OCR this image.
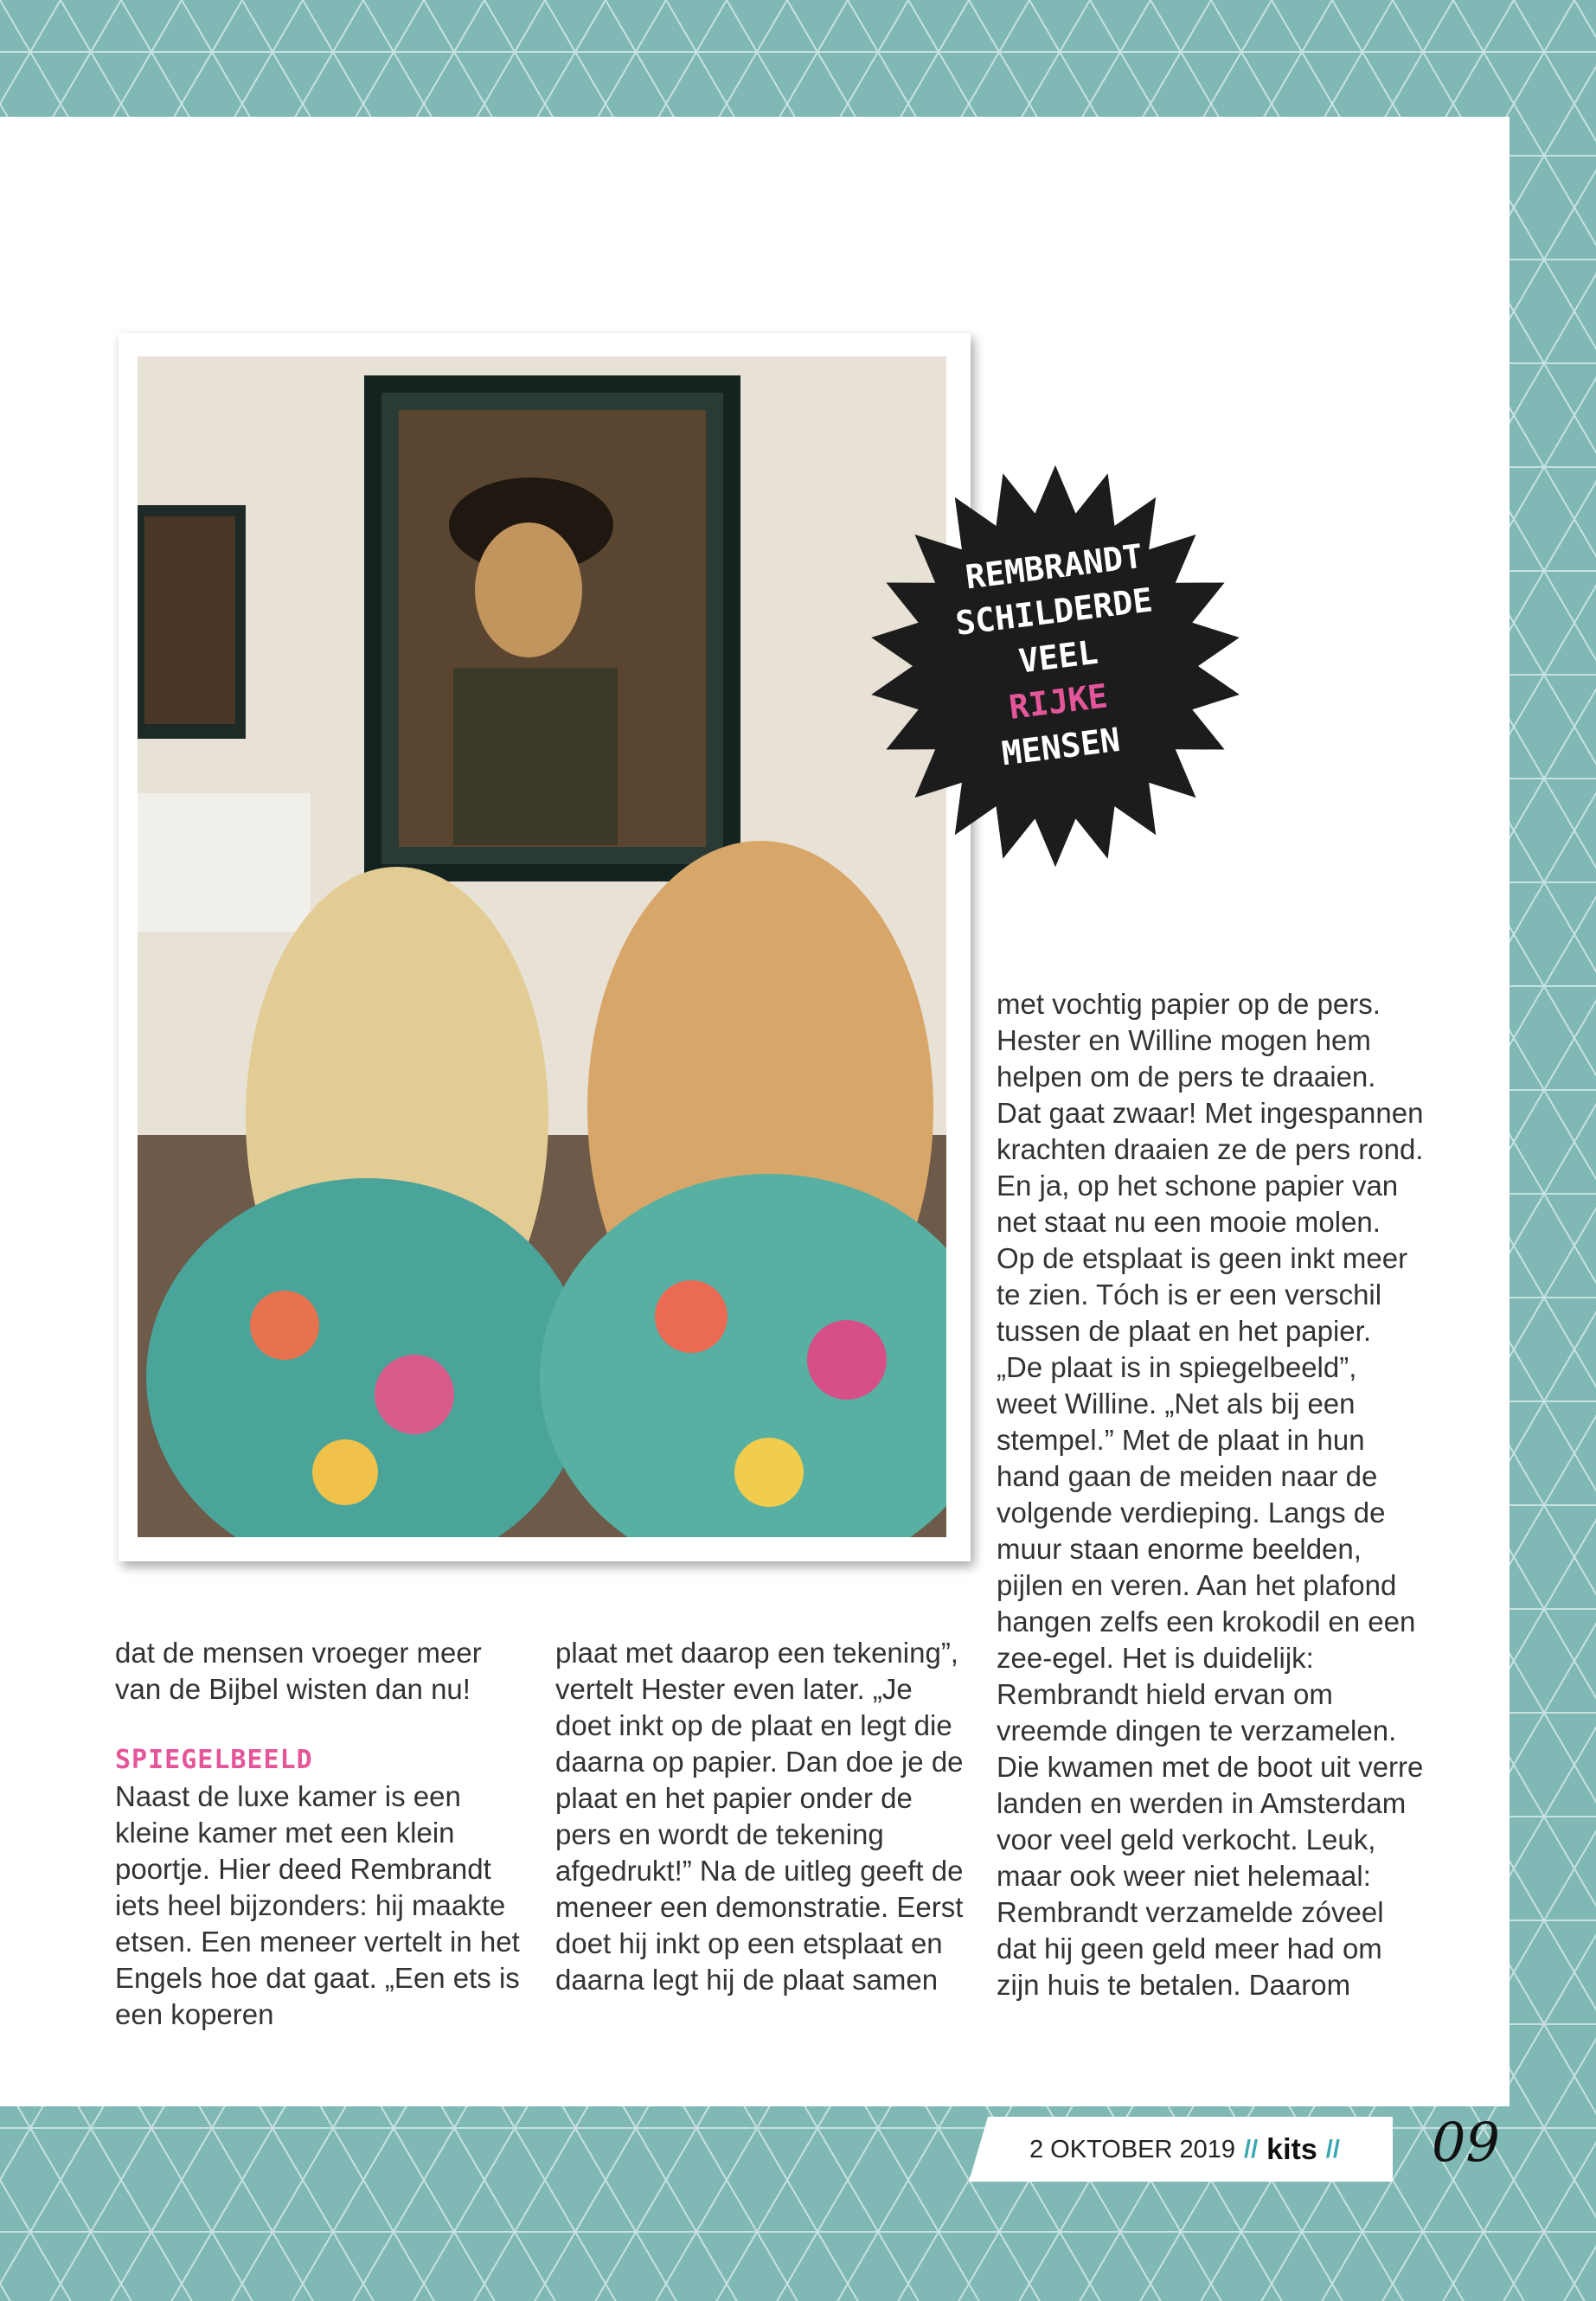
REMBRANDT
SCHILDERDE
VEEL
RIJKE
MENSEN

dat de mensen vroeger meer van de Bijbel wisten dan nu!

SPIEGELBEELD

Naast de luxe kamer is een kleine kamer met een klein poortje. Hier deed Rembrandt iets heel bijzonders: hij maakte etsen. Een meneer vertelt in het Engels hoe dat gaat. „Een ets is een koperen

plaat met daarop een tekening”, vertelt Hester even later. „Je doet inkt op de plaat en legt die daarna op papier. Dan doe je de plaat en het papier onder de pers en wordt de tekening afgedrukt!” Na de uitleg geeft de meneer een demonstratie. Eerst doet hij inkt op een etsplaat en daarna legt hij de plaat samen

met vochtig papier op de pers. Hester en Willine mogen hem helpen om de pers te draaien. Dat gaat zwaar! Met ingespannen krachten draaien ze de pers rond. En ja, op het schone papier van net staat nu een mooie molen. Op de etsplaat is geen inkt meer te zien. Tóch is er een verschil tussen de plaat en het papier. „De plaat is in spiegelbeeld”, weet Willine. „Net als bij een stempel.” Met de plaat in hun hand gaan de meiden naar de volgende verdieping. Langs de muur staan enorme beelden, pijlen en veren. Aan het plafond hangen zelfs een krokodil en een zee-egel. Het is duidelijk: Rembrandt hield ervan om vreemde dingen te verzamelen. Die kwamen met de boot uit verre landen en werden in Amsterdam voor veel geld verkocht. Leuk, maar ook weer niet helemaal: Rembrandt verzamelde zóveel dat hij geen geld meer had om zijn huis te betalen. Daarom

2 OKTOBER 2019 // kits // 09
